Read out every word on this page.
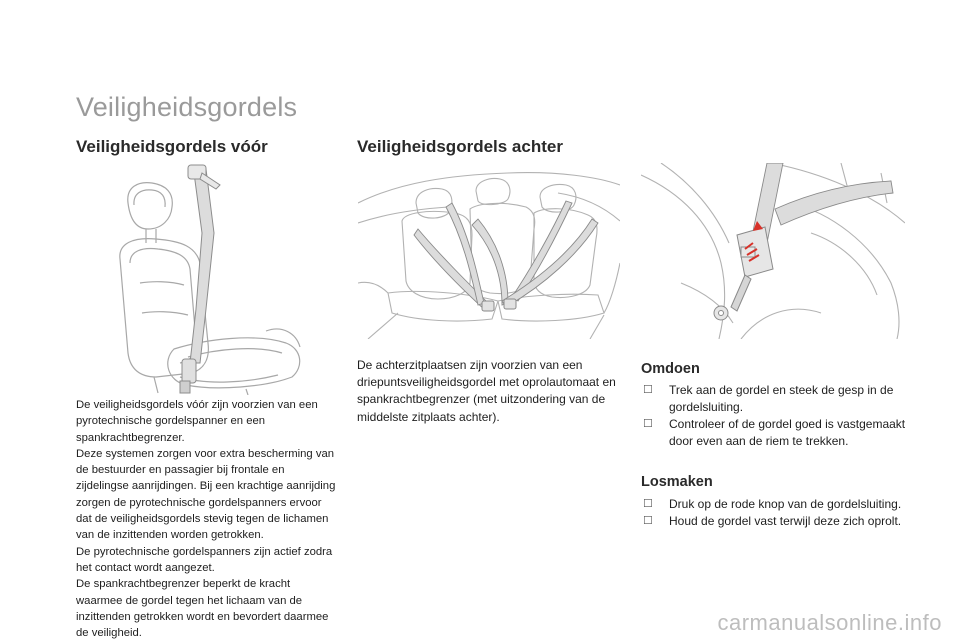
Veiligheidsgordels
Veiligheidsgordels vóór

De veiligheidsgordels vóór zijn voorzien van een pyrotechnische gordelspanner en een spankrachtbegrenzer.

Deze systemen zorgen voor extra bescherming van de bestuurder en passagier bij frontale en zijdelingse aanrijdingen. Bij een krachtige aanrijding zorgen de pyrotechnische gordelspanners ervoor dat de veiligheidsgordels stevig tegen de lichamen van de inzittenden worden getrokken.

De pyrotechnische gordelspanners zijn actief zodra het contact wordt aangezet.

De spankrachtbegrenzer beperkt de kracht waarmee de gordel tegen het lichaam van de inzittenden getrokken wordt en bevordert daarmee de veiligheid.

Veiligheidsgordels achter
De achterzitplaatsen zijn voorzien van een driepuntsveiligheidsgordel met oprolautomaat en spankrachtbegrenzer (met uitzondering van de middelste zitplaats achter).
Omdoen
☐ Trek aan de gordel en steek de gesp in de gordelsluiting.
☐ Controleer of de gordel goed is vastgemaakt door even aan de riem te trekken.
Losmaken
☐ Druk op de rode knop van de gordelsluiting.
☐ Houd de gordel vast terwijl deze zich oprolt.
carmanualsonline.info
